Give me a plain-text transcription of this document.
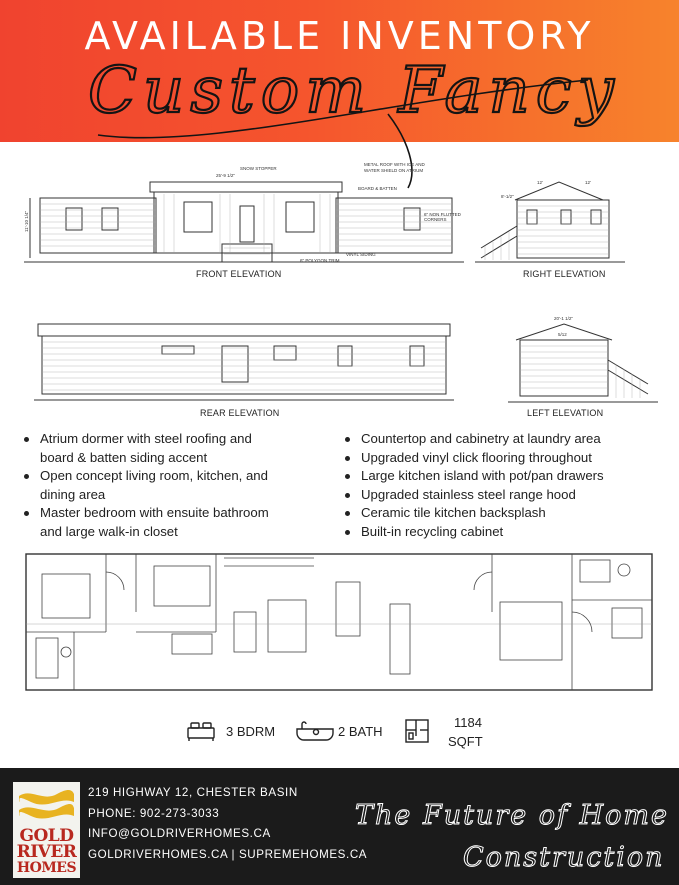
AVAILABLE INVENTORY
Custom Fancy
SNOW STOPPER
METAL ROOF WITH ICE AND
WATER SHIELD ON ATRIUM
BOARD & BATTEN
6" NON FLUTTED
CORNERS
VINYL SIDING
6" POLYGON TRIM
25'-9 1/2"
11'-10 1/4"
FRONT ELEVATION
12'	12'
8'-1/2"
RIGHT ELEVATION
REAR ELEVATION
20'-1 1/2"
5/12
LEFT ELEVATION
Atrium dormer with steel roofing and
board & batten siding accent
Open concept living room, kitchen, and
dining area
Master bedroom with ensuite bathroom
and large walk-in closet
Countertop and cabinetry at laundry area
Upgraded vinyl click flooring throughout
Large kitchen island with pot/pan drawers
Upgraded stainless steel range hood
Ceramic tile kitchen backsplash
Built-in recycling cabinet
3 BDRM	2 BATH
1184
SQFT
GOLD
RIVER
HOMES
219 HIGHWAY 12, CHESTER BASIN
PHONE: 902-273-3033
INFO@GOLDRIVERHOMES.CA
GOLDRIVERHOMES.CA | SUPREMEHOMES.CA
The Future of Home
Construction
